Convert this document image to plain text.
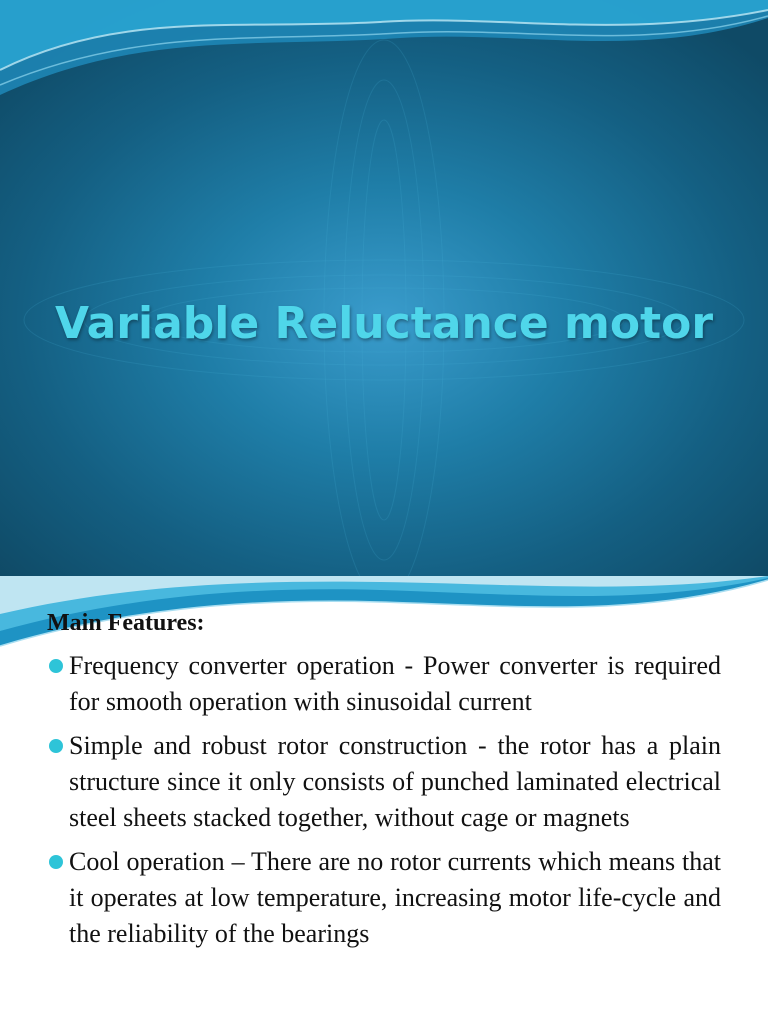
Variable Reluctance motor
Main Features:
Frequency converter operation - Power converter is required for smooth operation with sinusoidal current
Simple and robust rotor construction - the rotor has a plain structure since it only consists of punched laminated electrical steel sheets stacked together, without cage or magnets
Cool operation – There are no rotor currents which means that it operates at low temperature, increasing motor life-cycle and the reliability of the bearings
